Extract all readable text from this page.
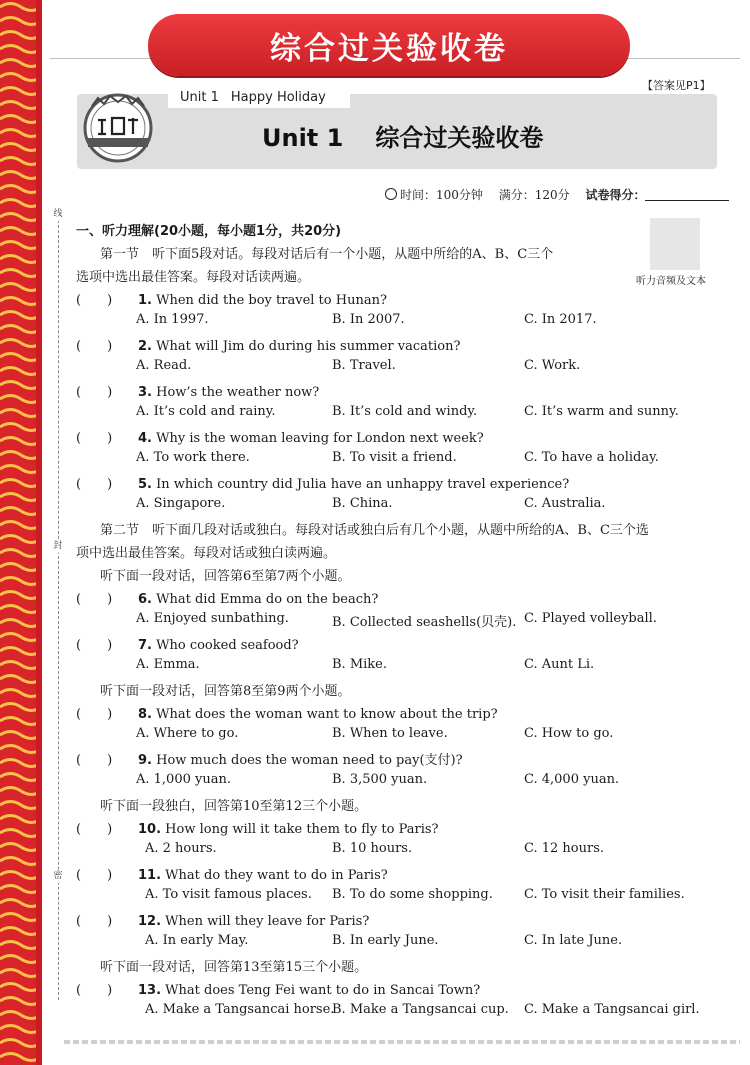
综合过关验收卷
【答案见P1】
Unit 1 Happy Holiday
Unit 1 综合过关验收卷
时间：100分钟　 满分：120分　 试卷得分：
听力音频及文本
线
封
密
一、听力理解(20小题，每小题1分，共20分)
第一节　听下面5段对话。每段对话后有一个小题，从题中所给的A、B、C三个
选项中选出最佳答案。每段对话读两遍。
(　　) 1. When did the boy travel to Hunan?
A. In 1997.	B. In 2007.	C. In 2017.
(　　) 2. What will Jim do during his summer vacation?
A. Read.	B. Travel.	C. Work.
(　　) 3. How’s the weather now?
A. It’s cold and rainy.	B. It’s cold and windy.	C. It’s warm and sunny.
(　　) 4. Why is the woman leaving for London next week?
A. To work there.	B. To visit a friend.	C. To have a holiday.
(　　) 5. In which country did Julia have an unhappy travel experience?
A. Singapore.	B. China.	C. Australia.
第二节　听下面几段对话或独白。每段对话或独白后有几个小题，从题中所给的A、B、C三个选
项中选出最佳答案。每段对话或独白读两遍。
听下面一段对话，回答第6至第7两个小题。
(　　) 6. What did Emma do on the beach?
A. Enjoyed sunbathing.	B. Collected seashells(贝壳). C. Played volleyball.
(　　) 7. Who cooked seafood?
A. Emma.	B. Mike.	C. Aunt Li.
听下面一段对话，回答第8至第9两个小题。
(　　) 8. What does the woman want to know about the trip?
A. Where to go.	B. When to leave.	C. How to go.
(　　) 9. How much does the woman need to pay(支付)?
A. 1,000 yuan.	B. 3,500 yuan.	C. 4,000 yuan.
听下面一段独白，回答第10至第12三个小题。
(　　) 10. How long will it take them to fly to Paris?
A. 2 hours.	B. 10 hours.	C. 12 hours.
(　　) 11. What do they want to do in Paris?
A. To visit famous places. B. To do some shopping. C. To visit their families.
(　　) 12. When will they leave for Paris?
A. In early May.	B. In early June.	C. In late June.
听下面一段对话，回答第13至第15三个小题。
(　　) 13. What does Teng Fei want to do in Sancai Town?
A. Make a Tangsancai horse.
B. Make a Tangsancai cup. C. Make a Tangsancai girl.
